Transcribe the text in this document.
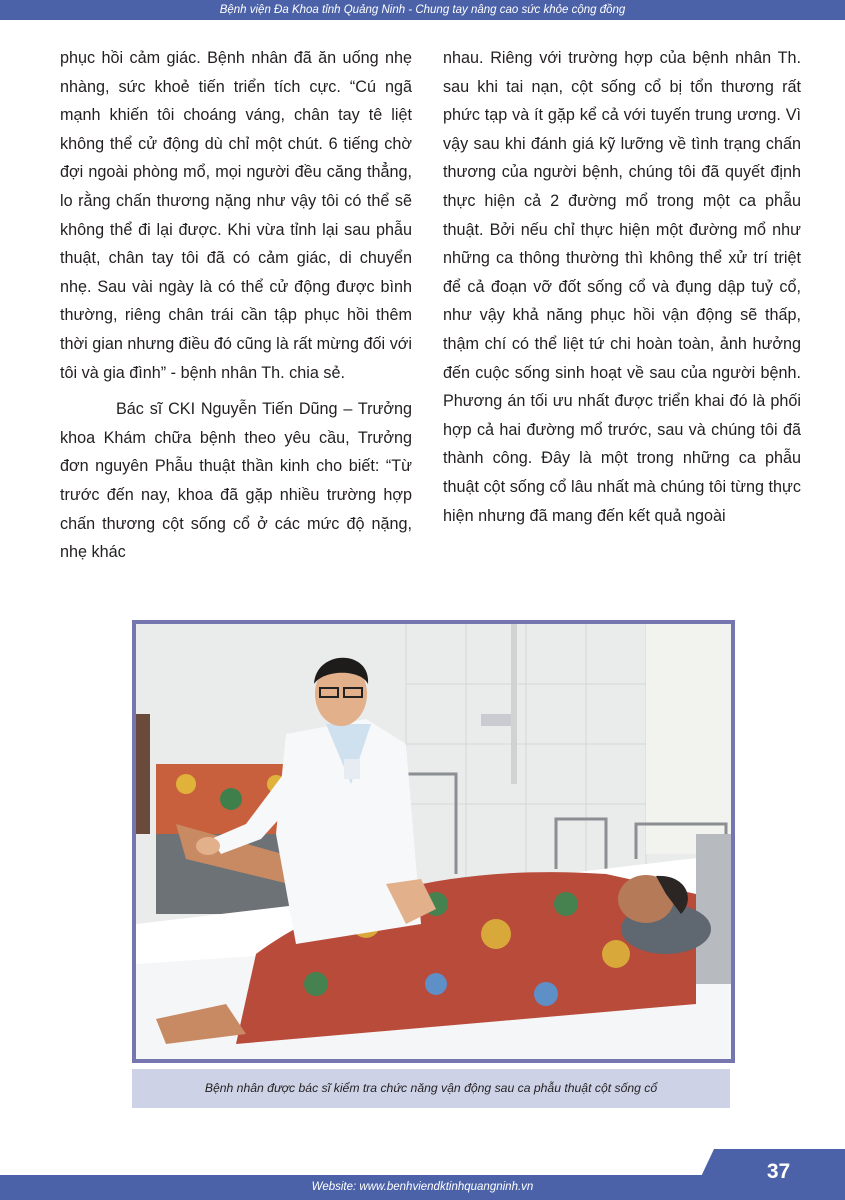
Bệnh viện Đa Khoa tỉnh Quảng Ninh - Chung tay nâng cao sức khỏe cộng đồng

phục hồi cảm giác. Bệnh nhân đã ăn uống nhẹ nhàng, sức khoẻ tiến triển tích cực. “Cú ngã mạnh khiến tôi choáng váng, chân tay tê liệt không thể cử động dù chỉ một chút. 6 tiếng chờ đợi ngoài phòng mổ, mọi người đều căng thẳng, lo rằng chấn thương nặng như vậy tôi có thể sẽ không thể đi lại được. Khi vừa tỉnh lại sau phẫu thuật, chân tay tôi đã có cảm giác, di chuyển nhẹ. Sau vài ngày là có thể cử động được bình thường, riêng chân trái cần tập phục hồi thêm thời gian nhưng điều đó cũng là rất mừng đối với tôi và gia đình” - bệnh nhân Th. chia sẻ.

Bác sĩ CKI Nguyễn Tiến Dũng – Trưởng khoa Khám chữa bệnh theo yêu cầu, Trưởng đơn nguyên Phẫu thuật thần kinh cho biết: “Từ trước đến nay, khoa đã gặp nhiều trường hợp chấn thương cột sống cổ ở các mức độ nặng, nhẹ khác

nhau. Riêng với trường hợp của bệnh nhân Th. sau khi tai nạn, cột sống cổ bị tổn thương rất phức tạp và ít gặp kể cả với tuyến trung ương. Vì vậy sau khi đánh giá kỹ lưỡng về tình trạng chấn thương của người bệnh, chúng tôi đã quyết định thực hiện cả 2 đường mổ trong một ca phẫu thuật. Bởi nếu chỉ thực hiện một đường mổ như những ca thông thường thì không thể xử trí triệt để cả đoạn vỡ đốt sống cổ và đụng dập tuỷ cổ, như vậy khả năng phục hồi vận động sẽ thấp, thậm chí có thể liệt tứ chi hoàn toàn, ảnh hưởng đến cuộc sống sinh hoạt về sau của người bệnh. Phương án tối ưu nhất được triển khai đó là phối hợp cả hai đường mổ trước, sau và chúng tôi đã thành công. Đây là một trong những ca phẫu thuật cột sống cổ lâu nhất mà chúng tôi từng thực hiện nhưng đã mang đến kết quả ngoài

Bệnh nhân được bác sĩ kiểm tra chức năng vận động sau ca phẫu thuật cột sống cổ
Website: www.benhviendktinhquangninh.vn
37
